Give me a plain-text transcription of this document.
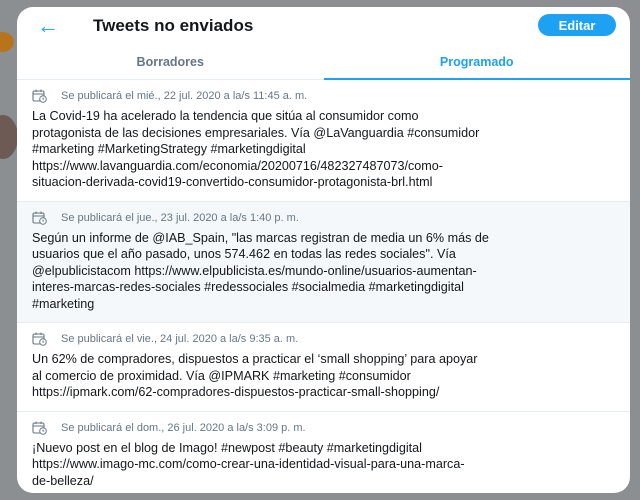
← Tweets no enviados	Editar
Borradores	Programado
Se publicará el mié., 22 jul. 2020 a la/s 11:45 a. m.
La Covid-19 ha acelerado la tendencia que sitúa al consumidor como
protagonista de las decisiones empresariales. Vía @LaVanguardia #consumidor
#marketing #MarketingStrategy #marketingdigital
https://www.lavanguardia.com/economia/20200716/482327487073/como-
situacion-derivada-covid19-convertido-consumidor-protagonista-brl.html
Se publicará el jue., 23 jul. 2020 a la/s 1:40 p. m.
Según un informe de @IAB_Spain, "las marcas registran de media un 6% más de
usuarios que el año pasado, unos 574.462 en todas las redes sociales". Vía
@elpublicistacom https://www.elpublicista.es/mundo-online/usuarios-aumentan-
interes-marcas-redes-sociales #redessociales #socialmedia #marketingdigital
#marketing
Se publicará el vie., 24 jul. 2020 a la/s 9:35 a. m.
Un 62% de compradores, dispuestos a practicar el ‘small shopping’ para apoyar
al comercio de proximidad. Vía @IPMARK #marketing #consumidor
https://ipmark.com/62-compradores-dispuestos-practicar-small-shopping/
Se publicará el dom., 26 jul. 2020 a la/s 3:09 p. m.
¡Nuevo post en el blog de Imago! #newpost #beauty #marketingdigital
https://www.imago-mc.com/como-crear-una-identidad-visual-para-una-marca-
de-belleza/
